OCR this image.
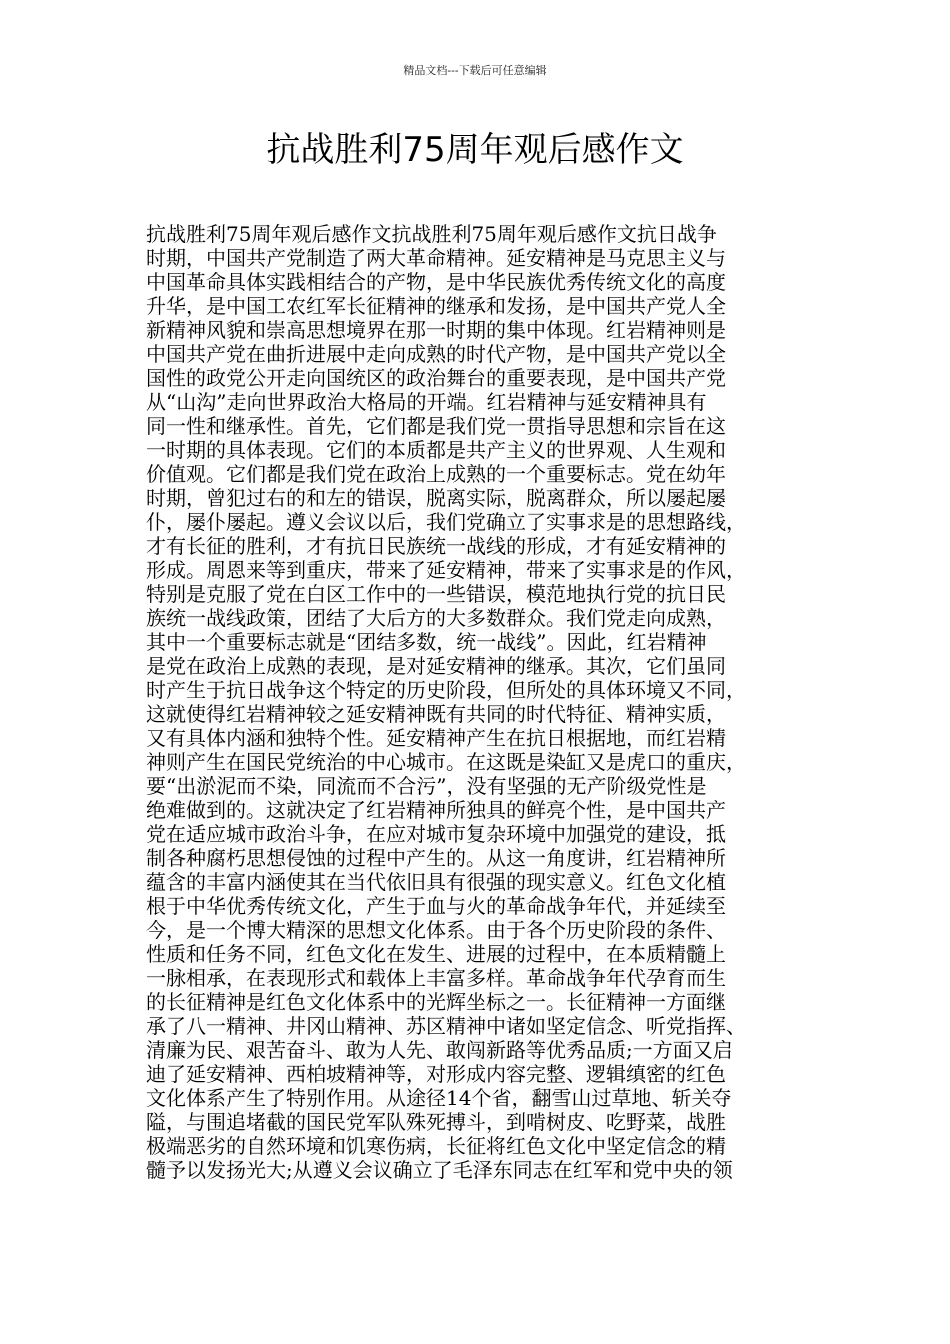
精品文档---下载后可任意编辑
抗战胜利75周年观后感作文
抗战胜利75周年观后感作文抗战胜利75周年观后感作文抗日战争
时期，中国共产党制造了两大革命精神。延安精神是马克思主义与
中国革命具体实践相结合的产物，是中华民族优秀传统文化的高度
升华，是中国工农红军长征精神的继承和发扬，是中国共产党人全
新精神风貌和崇高思想境界在那一时期的集中体现。红岩精神则是
中国共产党在曲折进展中走向成熟的时代产物，是中国共产党以全
国性的政党公开走向国统区的政治舞台的重要表现，是中国共产党
从“山沟”走向世界政治大格局的开端。红岩精神与延安精神具有
同一性和继承性。首先，它们都是我们党一贯指导思想和宗旨在这
一时期的具体表现。它们的本质都是共产主义的世界观、人生观和
价值观。它们都是我们党在政治上成熟的一个重要标志。党在幼年
时期，曾犯过右的和左的错误，脱离实际，脱离群众，所以屡起屡
仆，屡仆屡起。遵义会议以后，我们党确立了实事求是的思想路线，
才有长征的胜利，才有抗日民族统一战线的形成，才有延安精神的
形成。周恩来等到重庆，带来了延安精神，带来了实事求是的作风，
特别是克服了党在白区工作中的一些错误，模范地执行党的抗日民
族统一战线政策，团结了大后方的大多数群众。我们党走向成熟，
其中一个重要标志就是“团结多数，统一战线”。因此，红岩精神
是党在政治上成熟的表现，是对延安精神的继承。其次，它们虽同
时产生于抗日战争这个特定的历史阶段，但所处的具体环境又不同，
这就使得红岩精神较之延安精神既有共同的时代特征、精神实质，
又有具体内涵和独特个性。延安精神产生在抗日根据地，而红岩精
神则产生在国民党统治的中心城市。在这既是染缸又是虎口的重庆，
要“出淤泥而不染，同流而不合污”，没有坚强的无产阶级党性是
绝难做到的。这就决定了红岩精神所独具的鲜亮个性，是中国共产
党在适应城市政治斗争，在应对城市复杂环境中加强党的建设，抵
制各种腐朽思想侵蚀的过程中产生的。从这一角度讲，红岩精神所
蕴含的丰富内涵使其在当代依旧具有很强的现实意义。红色文化植
根于中华优秀传统文化，产生于血与火的革命战争年代，并延续至
今，是一个博大精深的思想文化体系。由于各个历史阶段的条件、
性质和任务不同，红色文化在发生、进展的过程中，在本质精髓上
一脉相承，在表现形式和载体上丰富多样。革命战争年代孕育而生
的长征精神是红色文化体系中的光辉坐标之一。长征精神一方面继
承了八一精神、井冈山精神、苏区精神中诸如坚定信念、听党指挥、
清廉为民、艰苦奋斗、敢为人先、敢闯新路等优秀品质;一方面又启
迪了延安精神、西柏坡精神等，对形成内容完整、逻辑缜密的红色
文化体系产生了特别作用。从途径14个省，翻雪山过草地、斩关夺
隘，与围追堵截的国民党军队殊死搏斗，到啃树皮、吃野菜，战胜
极端恶劣的自然环境和饥寒伤病，长征将红色文化中坚定信念的精
髓予以发扬光大;从遵义会议确立了毛泽东同志在红军和党中央的领
